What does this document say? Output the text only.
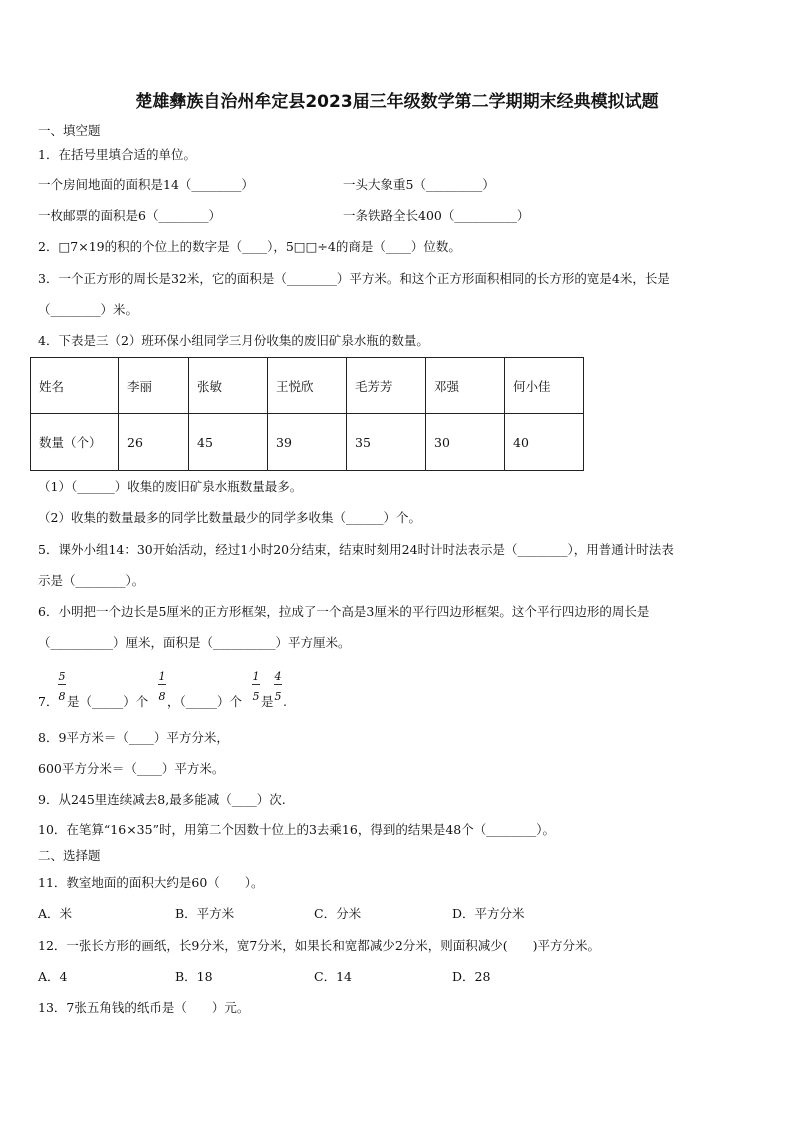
楚雄彝族自治州牟定县2023届三年级数学第二学期期末经典模拟试题
一、填空题
1．在括号里填合适的单位。
一个房间地面的面积是14（________）	一头大象重5（_________）
一枚邮票的面积是6（________）	一条铁路全长400（__________）
2．□7×19的积的个位上的数字是（____），5□□÷4的商是（____）位数。
3．一个正方形的周长是32米，它的面积是（________）平方米。和这个正方形面积相同的长方形的宽是4米，长是
（________）米。
4．下表是三（2）班环保小组同学三月份收集的废旧矿泉水瓶的数量。
姓名	李丽	张敏	王悦欣	毛芳芳	邓强	何小佳
数量（个）	26	45	39	35	30	40
（1）（______）收集的废旧矿泉水瓶数量最多。
（2）收集的数量最多的同学比数量最少的同学多收集（______）个。
5．课外小组14：30开始活动，经过1小时20分结束，结束时刻用24时计时法表示是（________），用普通计时法表
示是（________）。
6．小明把一个边长是5厘米的正方形框架，拉成了一个高是3厘米的平行四边形框架。这个平行四边形的周长是
（__________）厘米，面积是（__________）平方厘米。
7．
5
8 是（_____）个
1
8 ，（_____）个
1
5 是
4
5 .
8．9平方米＝（____）平方分米，
600平方分米＝（____）平方米。
9．从245里连续减去8,最多能减（____）次.
10．在笔算“16×35”时，用第二个因数十位上的3去乘16，得到的结果是48个（________）。
二、选择题
11．教室地面的面积大约是60（　　）。
A．米	B．平方米	C．分米	D．平方分米
12．一张长方形的画纸，长9分米，宽7分米，如果长和宽都减少2分米，则面积减少(　　)平方分米。
A．4	B．18	C．14	D．28
13．7张五角钱的纸币是（　　）元。
